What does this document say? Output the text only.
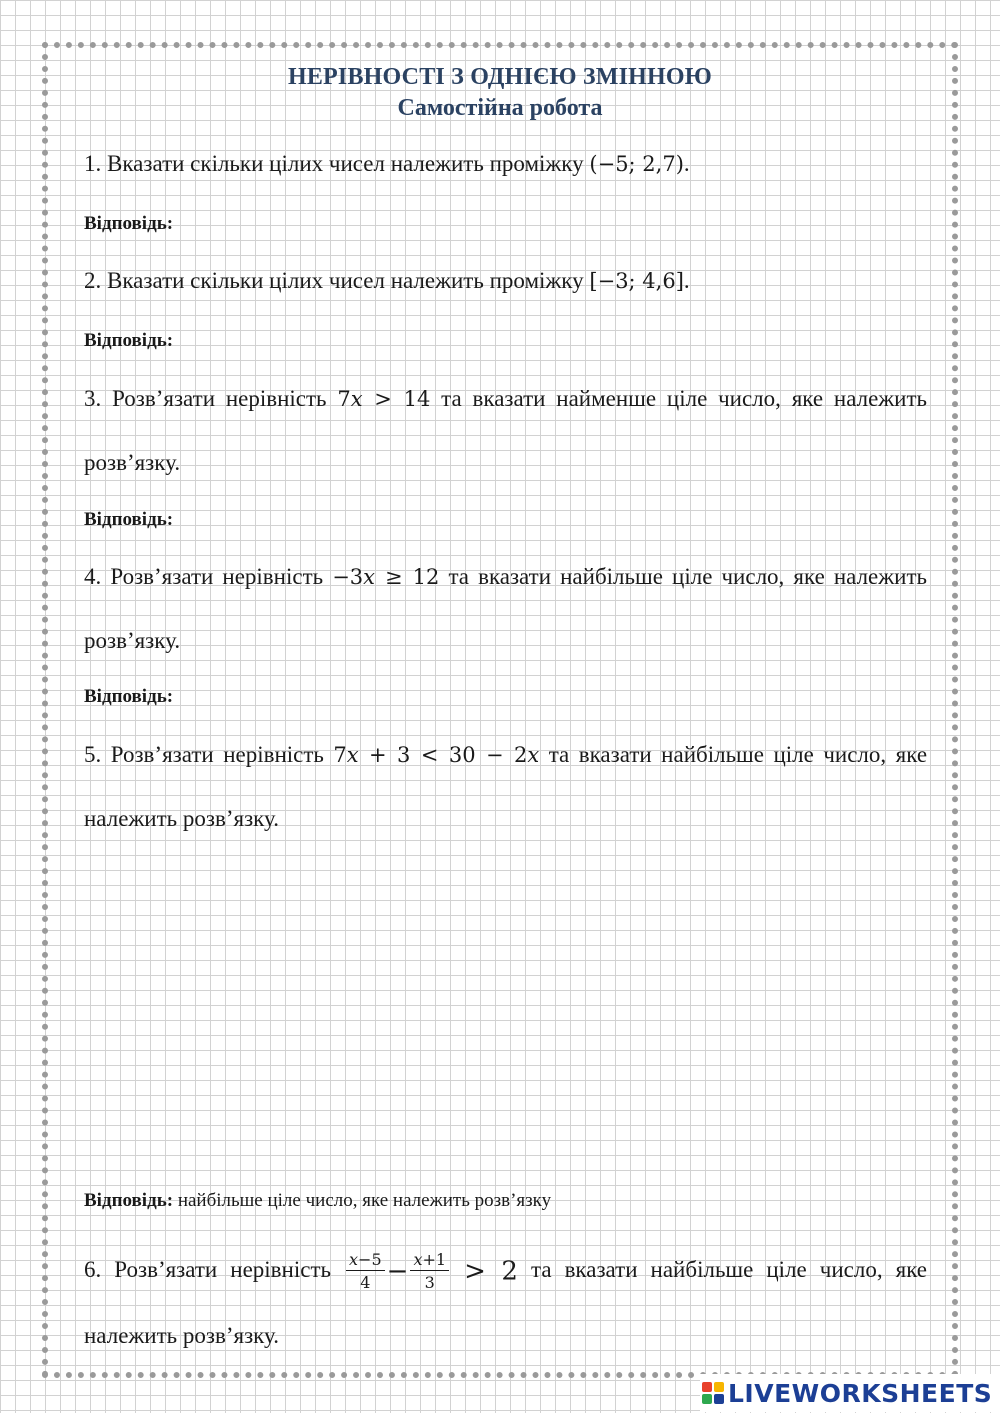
НЕРІВНОСТІ З ОДНІЄЮ ЗМІННОЮ
Самостійна робота
1. Вказати скільки цілих чисел належить проміжку (−5; 2,7).
Відповідь:
2. Вказати скільки цілих чисел належить проміжку [−3; 4,6].
Відповідь:
3. Розв’язати нерівність 7x > 14 та вказати найменше ціле число, яке належить розв’язку.
Відповідь:
4. Розв’язати нерівність −3x ≥ 12 та вказати найбільше ціле число, яке належить розв’язку.
Відповідь:
5. Розв’язати нерівність 7x + 3 < 30 − 2x та вказати найбільше ціле число, яке належить розв’язку.
Відповідь: найбільше ціле число, яке належить розв’язку
6. Розв’язати нерівність $\frac{x-5}{4} - \frac{x+1}{3} > 2$ та вказати найбільше ціле число, яке належить розв’язку.
LIVEWORKSHEETS
